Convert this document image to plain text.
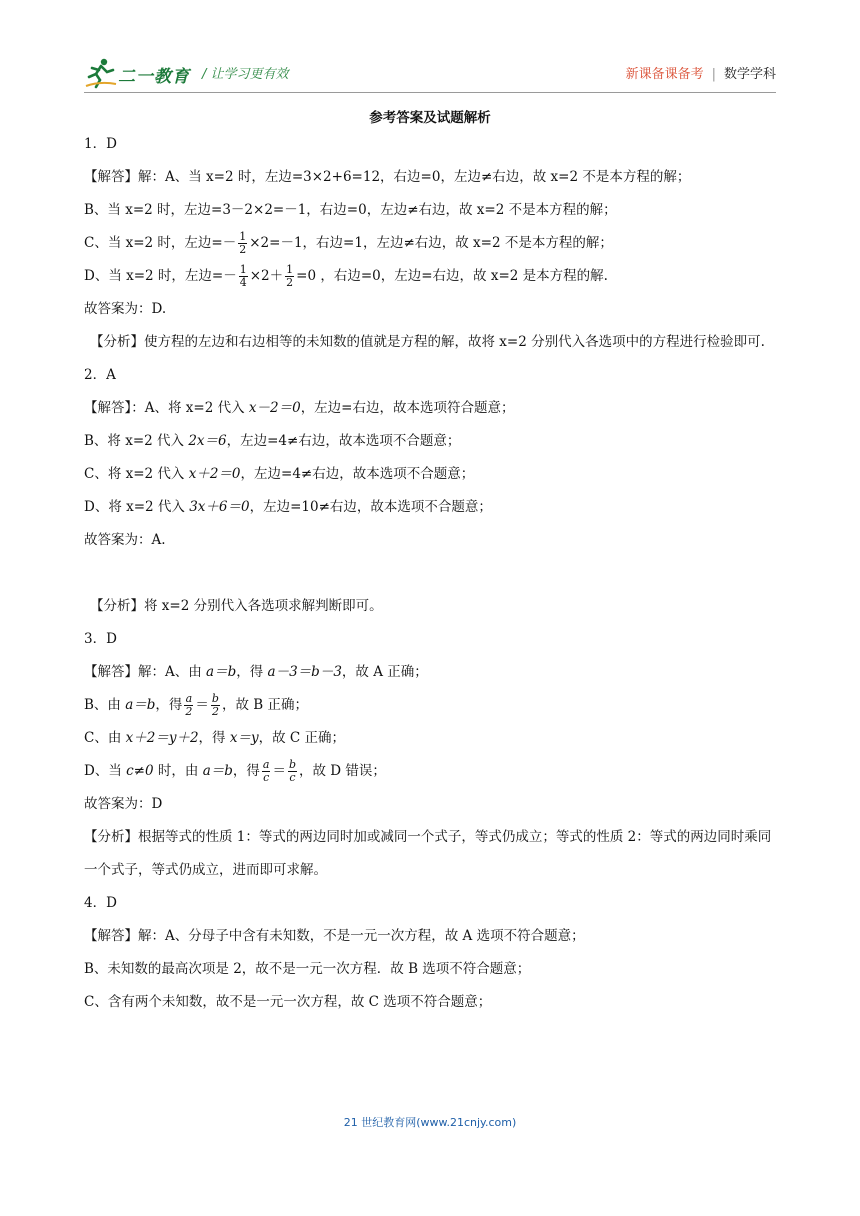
二一教育 / 让学习更有效	新课备课备考 | 数学学科
参考答案及试题解析
1．D
【解答】解：A、当 x=2 时，左边=3×2+6=12，右边=0，左边≠右边，故 x=2 不是本方程的解；
B、当 x=2 时，左边=3－2×2=－1，右边=0，左边≠右边，故 x=2 不是本方程的解；
C、当 x=2 时，左边=－ $\frac{1}{2} \times 2=-1$，右边=1，左边≠右边，故 x=2 不是本方程的解；
D、当 x=2 时，左边=－ $\frac{1}{4} \times 2+ \frac{1}{2} =0$ ，右边=0，左边=右边，故 x=2 是本方程的解.
故答案为：D.
【分析】使方程的左边和右边相等的未知数的值就是方程的解，故将 x=2 分别代入各选项中的方程进行检验即可.
2．A
【解答】：A、将 x=2 代入 x－2＝0，左边=右边，故本选项符合题意；
B、将 x=2 代入 2x＝6，左边=4≠右边，故本选项不合题意；
C、将 x=2 代入 x＋2＝0，左边=4≠右边，故本选项不合题意；
D、将 x=2 代入 3x＋6＝0，左边=10≠右边，故本选项不合题意；
故答案为：A.
【分析】将 x=2 分别代入各选项求解判断即可。
3．D
【解答】解：A、由 a＝b，得 a－3＝b－3，故 A 正确；
B、由 a＝b，得 $\frac{a}{2} = \frac{b}{2}$ ，故 B 正确；
C、由 x＋2＝y＋2，得 x＝y，故 C 正确；
D、当 c≠0 时，由 a＝b，得 $\frac{a}{c} = \frac{b}{c}$ ，故 D 错误；
故答案为：D
【分析】根据等式的性质 1：等式的两边同时加或减同一个式子，等式仍成立；等式的性质 2：等式的两边同时乘同一个式子，等式仍成立，进而即可求解。
4．D
【解答】解：A、分母子中含有未知数，不是一元一次方程，故 A 选项不符合题意；
B、未知数的最高次项是 2，故不是一元一次方程．故 B 选项不符合题意；
C、含有两个未知数，故不是一元一次方程，故 C 选项不符合题意；
21 世纪教育网(www.21cnjy.com)
